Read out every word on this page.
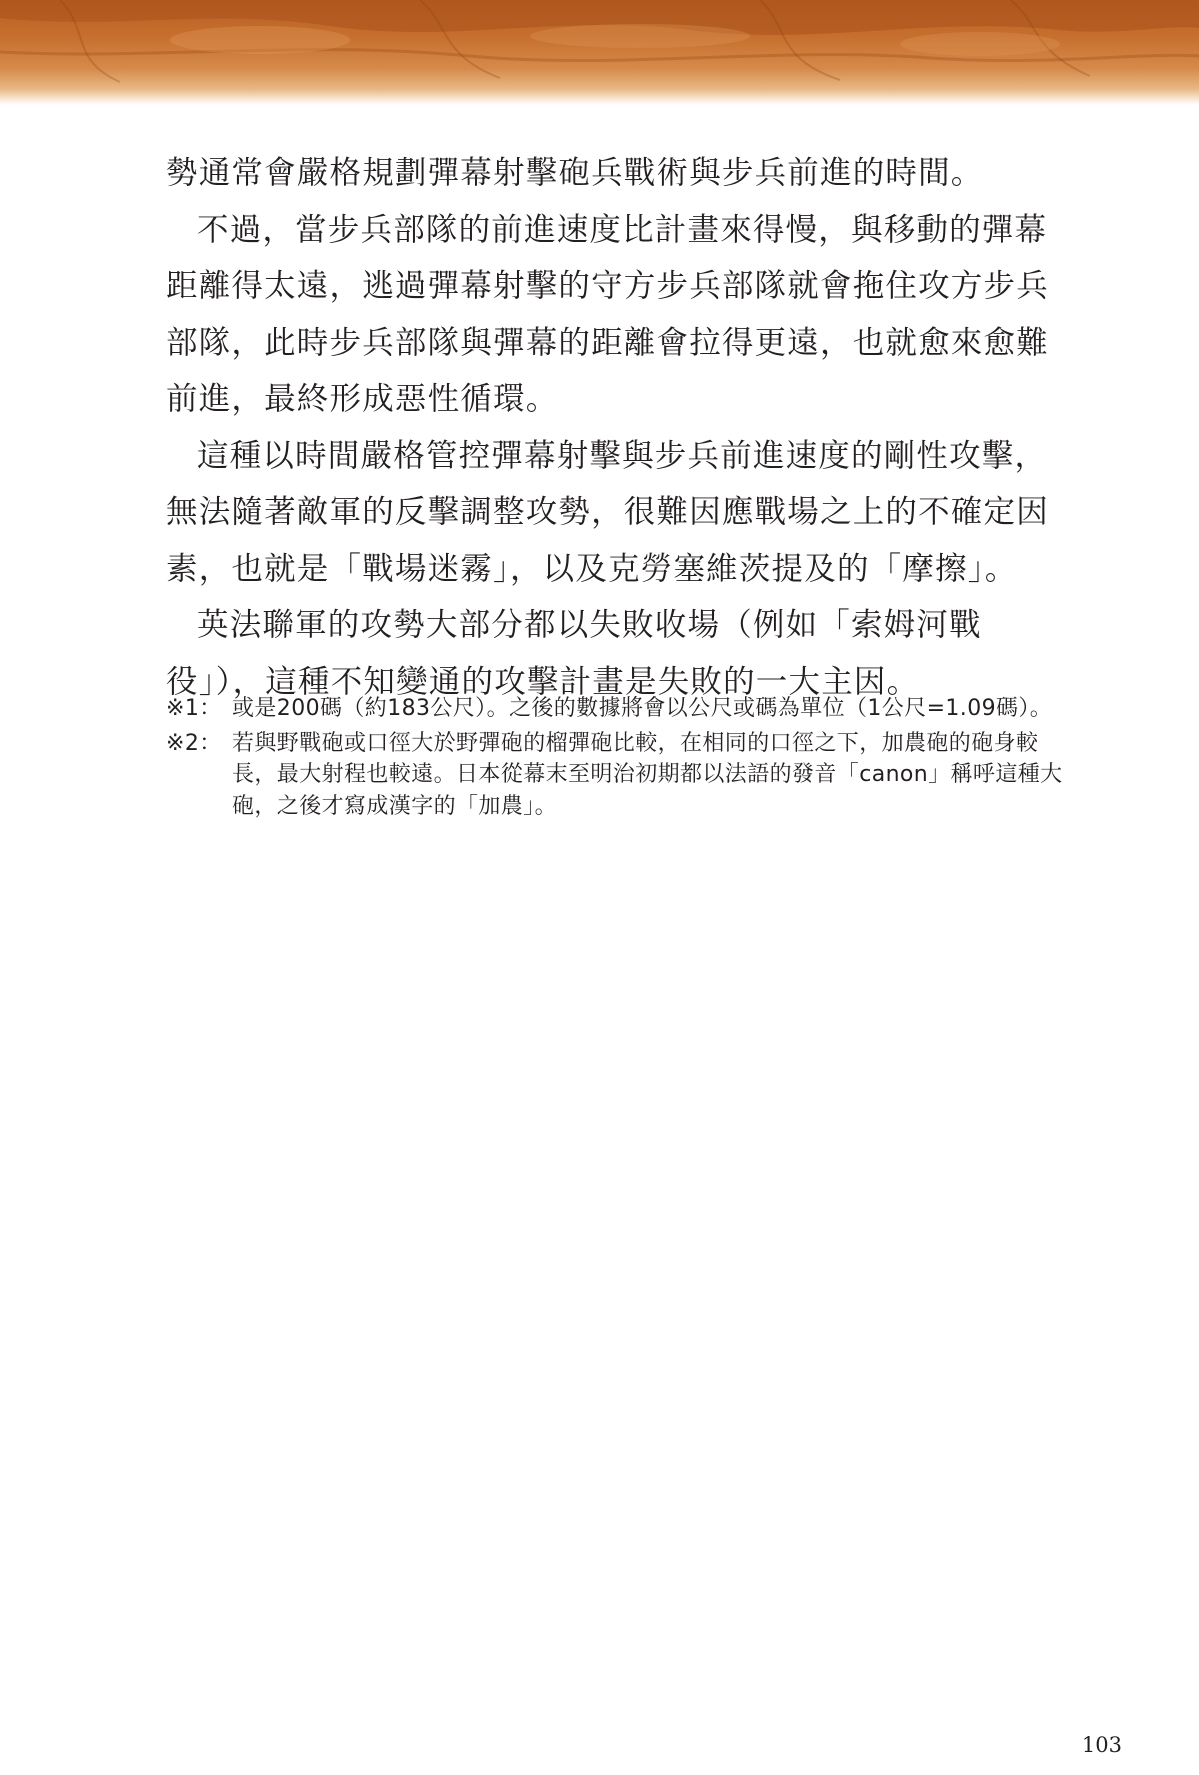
勢通常會嚴格規劃彈幕射擊砲兵戰術與步兵前進的時間。

不過，當步兵部隊的前進速度比計畫來得慢，與移動的彈幕距離得太遠，逃過彈幕射擊的守方步兵部隊就會拖住攻方步兵部隊，此時步兵部隊與彈幕的距離會拉得更遠，也就愈來愈難前進，最終形成惡性循環。

這種以時間嚴格管控彈幕射擊與步兵前進速度的剛性攻擊，無法隨著敵軍的反擊調整攻勢，很難因應戰場之上的不確定因素，也就是「戰場迷霧」，以及克勞塞維茨提及的「摩擦」。

英法聯軍的攻勢大部分都以失敗收場（例如「索姆河戰役」），這種不知變通的攻擊計畫是失敗的一大主因。

※1： 或是200碼（約183公尺）。之後的數據將會以公尺或碼為單位（1公尺=1.09碼）。
※2： 若與野戰砲或口徑大於野彈砲的榴彈砲比較，在相同的口徑之下，加農砲的砲身較長，最大射程也較遠。日本從幕末至明治初期都以法語的發音「canon」稱呼這種大砲，之後才寫成漢字的「加農」。
103
